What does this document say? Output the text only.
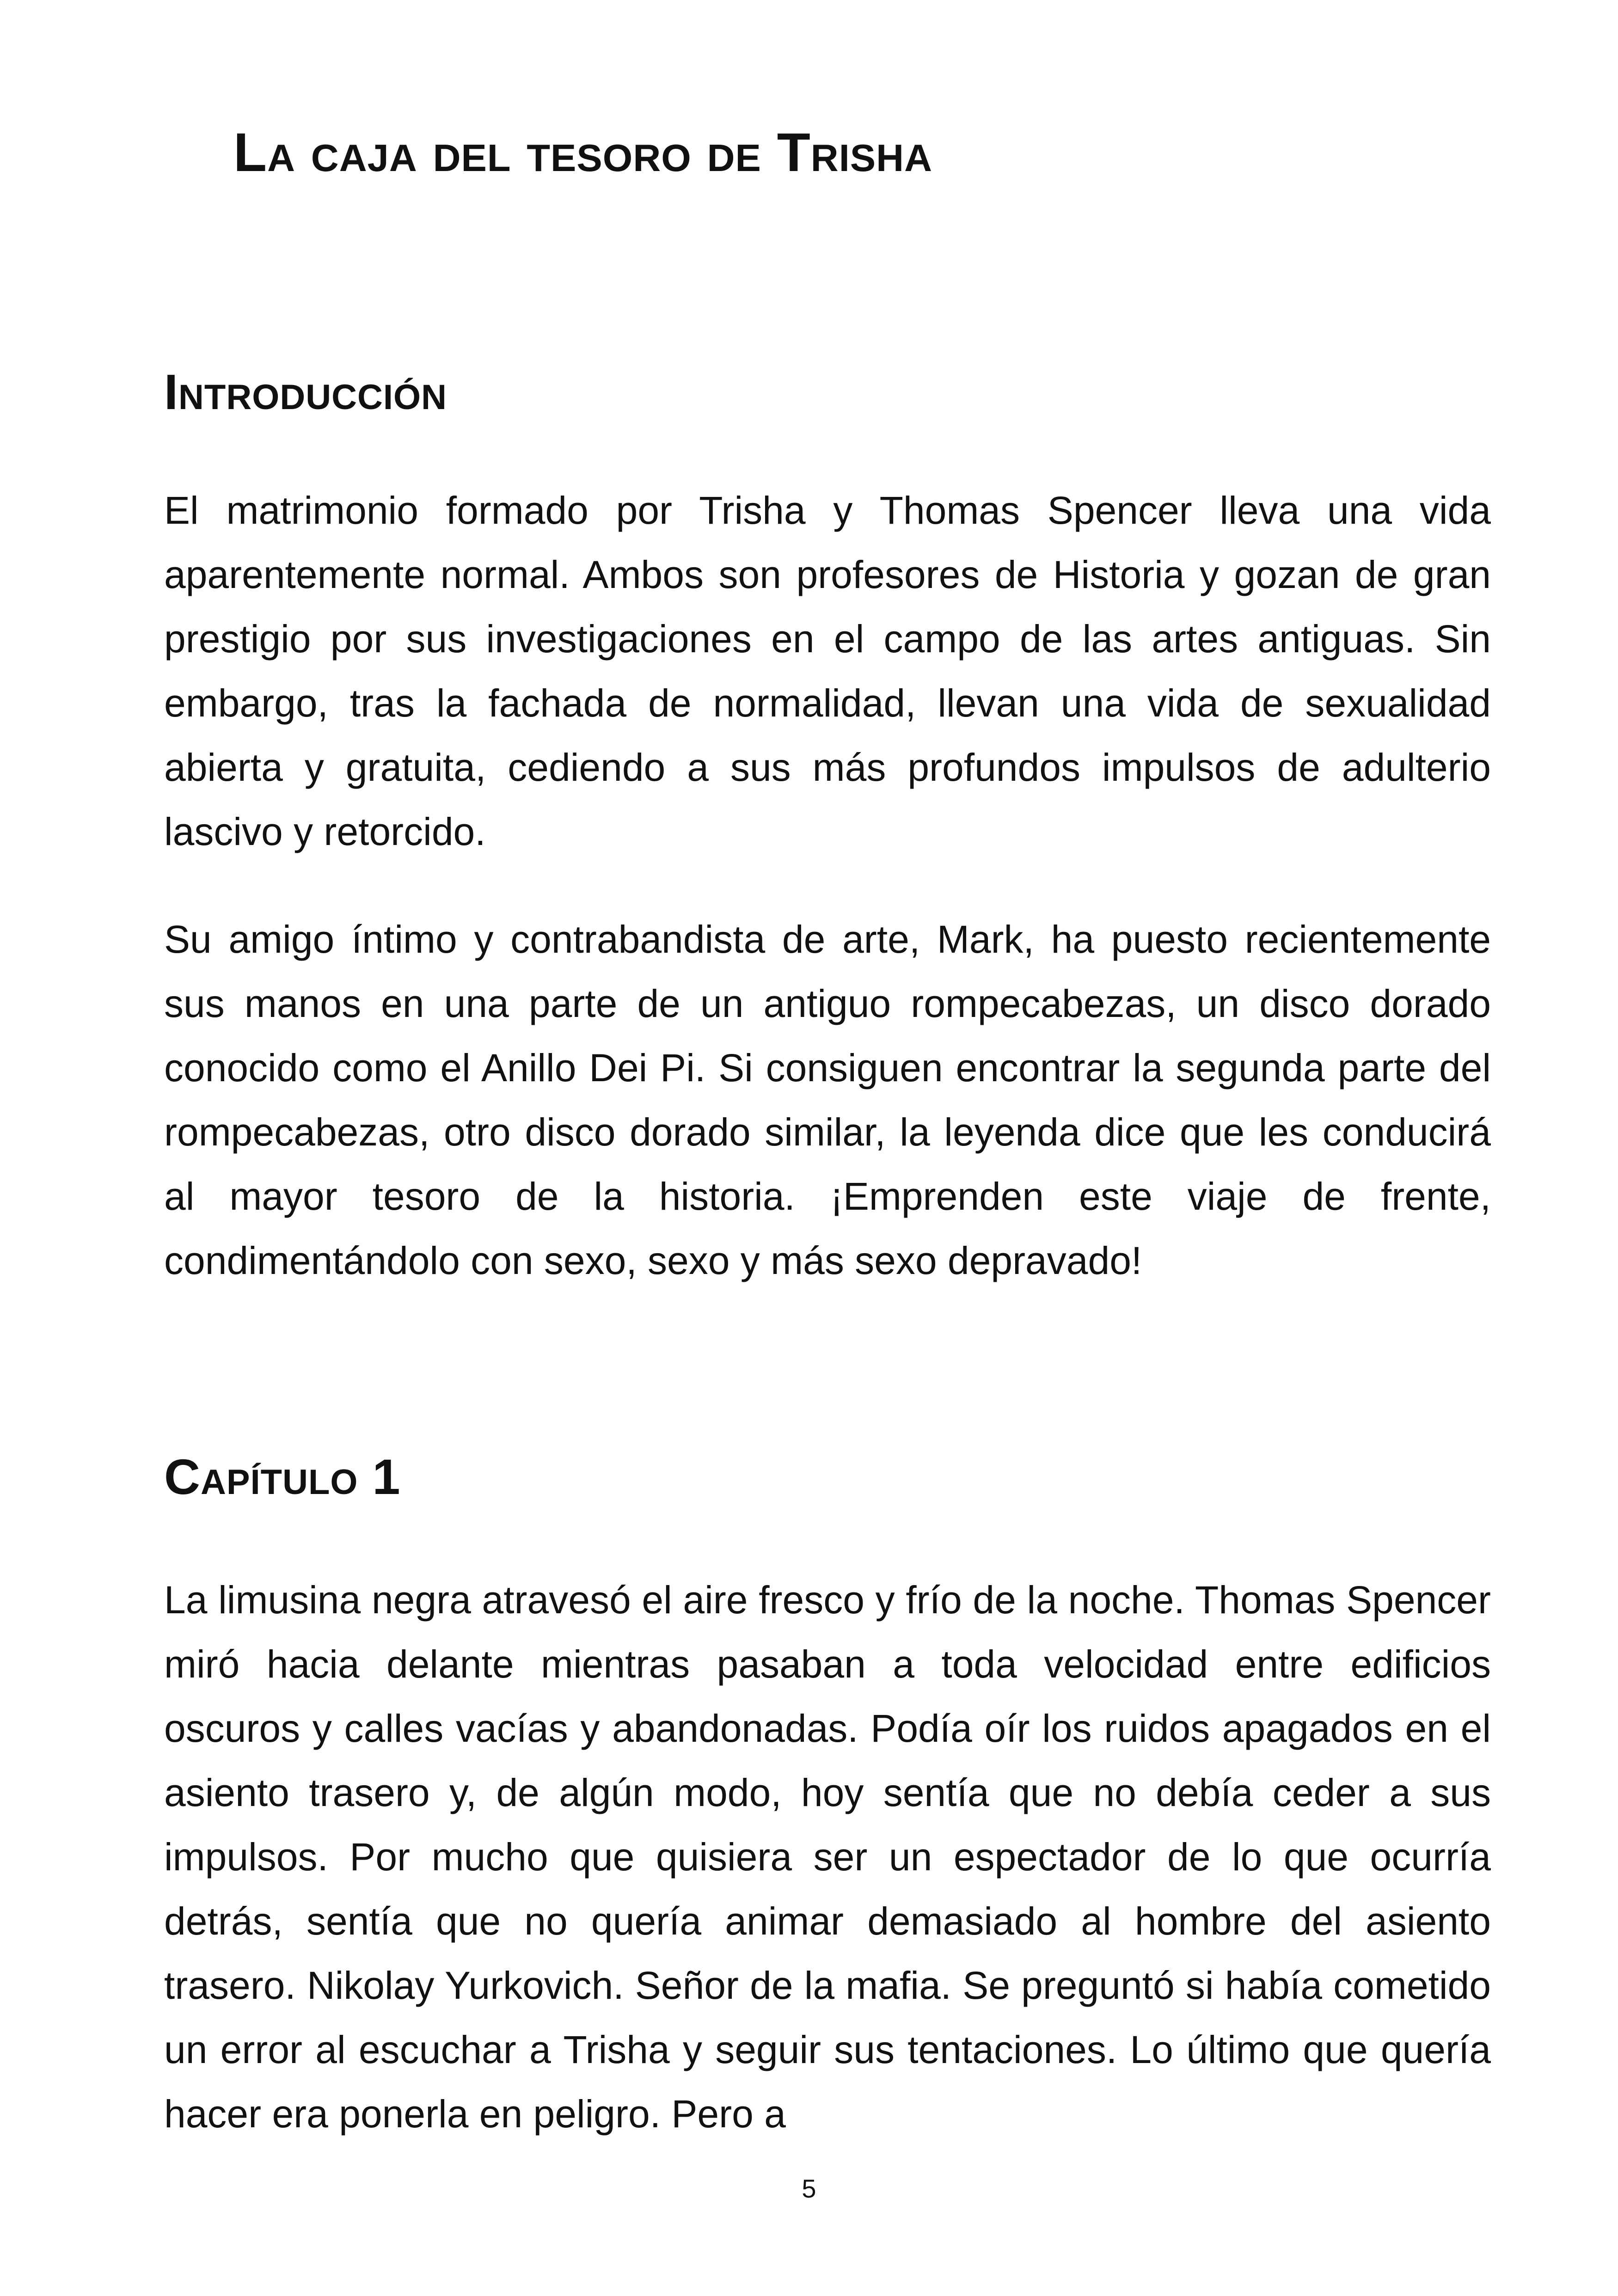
La caja del tesoro de Trisha
Introducción

El matrimonio formado por Trisha y Thomas Spencer lleva una vida aparentemente normal. Ambos son profesores de Historia y gozan de gran prestigio por sus investigaciones en el campo de las artes antiguas. Sin embargo, tras la fachada de normalidad, llevan una vida de sexualidad abierta y gratuita, cediendo a sus más profundos impulsos de adulterio lascivo y retorcido.

Su amigo íntimo y contrabandista de arte, Mark, ha puesto recientemente sus manos en una parte de un antiguo rompecabezas, un disco dorado conocido como el Anillo Dei Pi. Si consiguen encontrar la segunda parte del rompecabezas, otro disco dorado similar, la leyenda dice que les conducirá al mayor tesoro de la historia. ¡Emprenden este viaje de frente, condimentándolo con sexo, sexo y más sexo depravado!

Capítulo 1

La limusina negra atravesó el aire fresco y frío de la noche. Thomas Spencer miró hacia delante mientras pasaban a toda velocidad entre edificios oscuros y calles vacías y abandonadas. Podía oír los ruidos apagados en el asiento trasero y, de algún modo, hoy sentía que no debía ceder a sus impulsos. Por mucho que quisiera ser un espectador de lo que ocurría detrás, sentía que no quería animar demasiado al hombre del asiento trasero. Nikolay Yurkovich. Señor de la mafia. Se preguntó si había cometido un error al escuchar a Trisha y seguir sus tentaciones. Lo último que quería hacer era ponerla en peligro. Pero a

5
